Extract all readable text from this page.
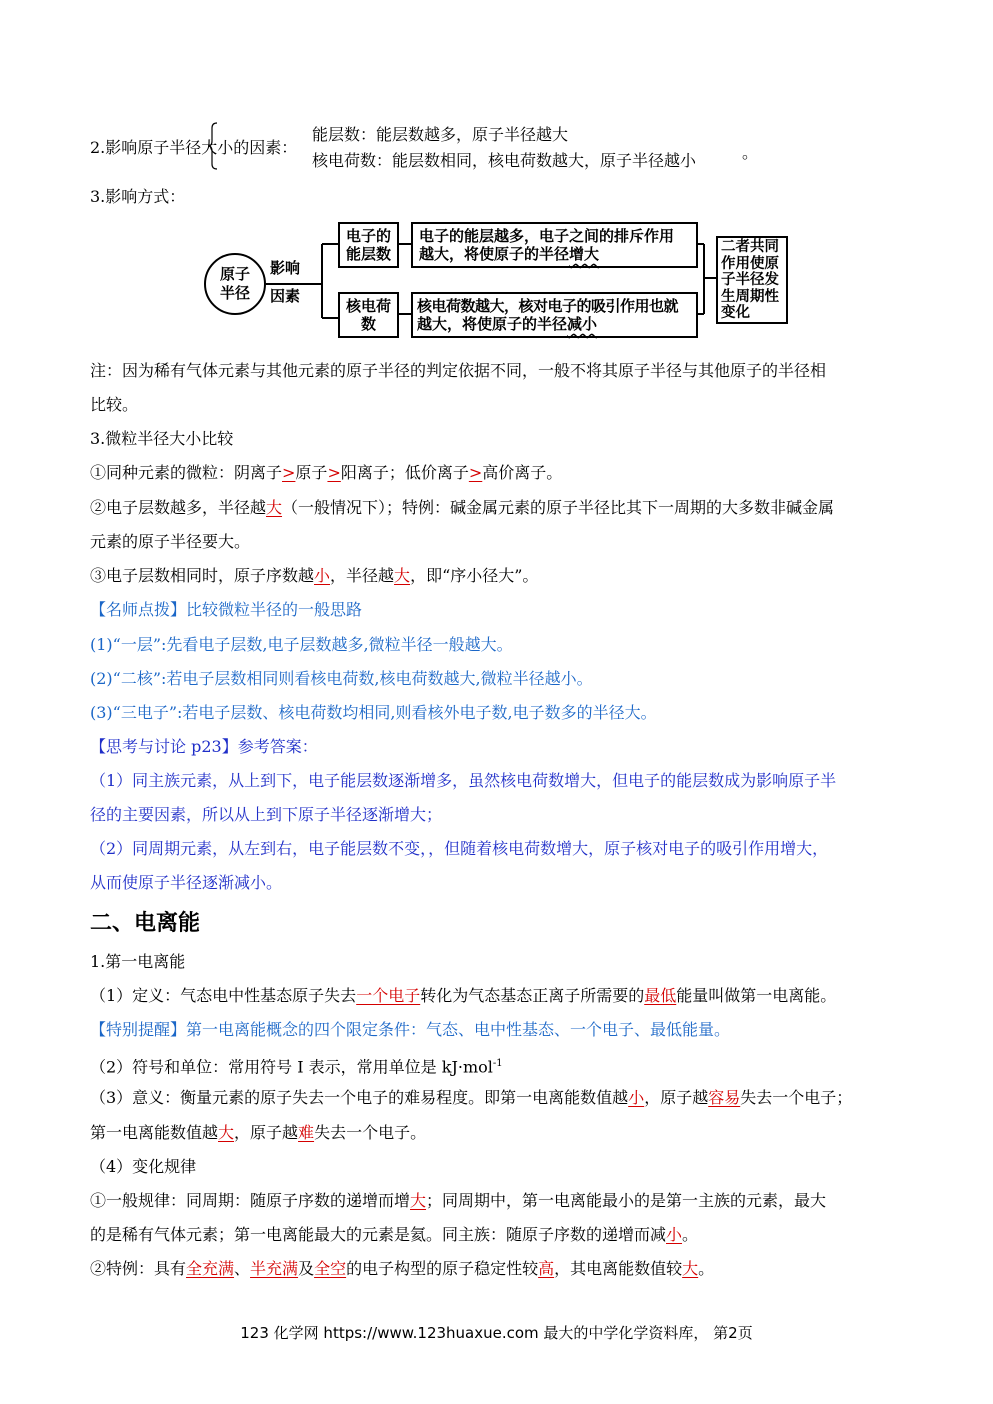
2.影响原子半径大小的因素：
能层数：能层数越多，原子半径越大
核电荷数：能层数相同，核电荷数越大，原子半径越小	。
3.影响方式：
原子半径
影响
因素
电子的能层数
电子的能层越多，电子之间的排斥作用
越大，将使原子的半径增大
核电荷数
核电荷数越大，核对电子的吸引作用也就
越大，将使原子的半径减小
二者共同作用使原子半径发生周期性变化
注：因为稀有气体元素与其他元素的原子半径的判定依据不同，一般不将其原子半径与其他原子的半径相
比较。
3.微粒半径大小比较
①同种元素的微粒：阴离子>原子>阳离子；低价离子>高价离子。
②电子层数越多，半径越大（一般情况下）；特例：碱金属元素的原子半径比其下一周期的大多数非碱金属
元素的原子半径要大。
③电子层数相同时，原子序数越小，半径越大，即“序小径大”。
【名师点拨】比较微粒半径的一般思路
(1)“一层”:先看电子层数,电子层数越多,微粒半径一般越大。
(2)“二核”:若电子层数相同则看核电荷数,核电荷数越大,微粒半径越小。
(3)“三电子”:若电子层数、核电荷数均相同,则看核外电子数,电子数多的半径大。
【思考与讨论 p23】参考答案：
（1）同主族元素，从上到下，电子能层数逐渐增多，虽然核电荷数增大，但电子的能层数成为影响原子半
径的主要因素，所以从上到下原子半径逐渐增大；
（2）同周期元素，从左到右，电子能层数不变，，但随着核电荷数增大，原子核对电子的吸引作用增大，
从而使原子半径逐渐减小。
二、电离能
1.第一电离能
（1）定义：气态电中性基态原子失去一个电子转化为气态基态正离子所需要的最低能量叫做第一电离能。
【特别提醒】第一电离能概念的四个限定条件：气态、电中性基态、一个电子、最低能量。
（2）符号和单位：常用符号 I 表示，常用单位是 kJ·mol$^{-1}$
（3）意义：衡量元素的原子失去一个电子的难易程度。即第一电离能数值越小，原子越容易失去一个电子；
第一电离能数值越大，原子越难失去一个电子。
（4）变化规律
①一般规律：同周期：随原子序数的递增而增大；同周期中，第一电离能最小的是第一主族的元素，最大
的是稀有气体元素；第一电离能最大的元素是氦。同主族：随原子序数的递增而减小。
②特例：具有全充满、半充满及全空的电子构型的原子稳定性较高，其电离能数值较大。
123 化学网 https://www.123huaxue.com 最大的中学化学资料库， 第2页
